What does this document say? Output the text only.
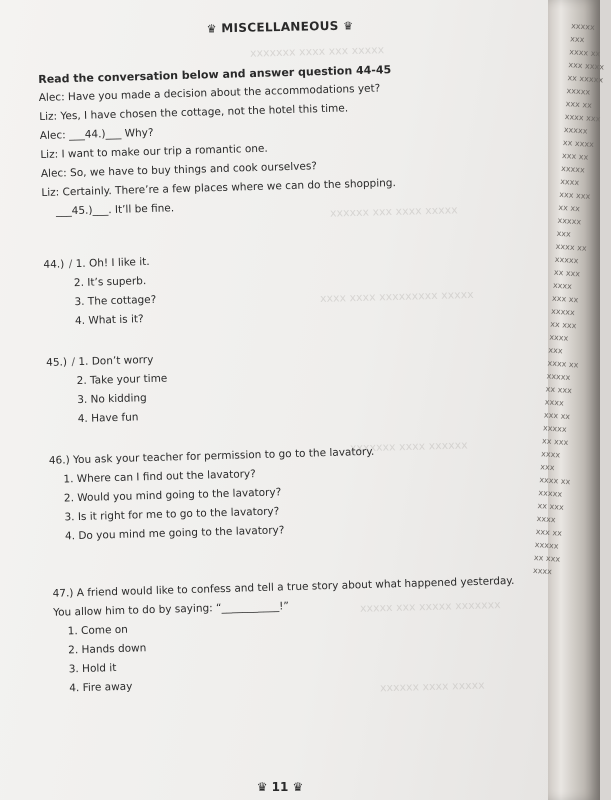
xxxxx xxx xxxx xxxxxxx
xxxxx xxxx xxx xxxxxx
xxxxx xxxxxxxxx xxxx xxxx
xxxxxx xxxx xxxxxxx
xxxxxxx xxxxx xxx xxxxx
xxxxx xxxx xxxxxx
♛ MISCELLANEOUS ♛
Read the conversation below and answer question 44-45
Alec: Have you made a decision about the accommodations yet?
Liz: Yes, I have chosen the cottage, not the hotel this time.
Alec: ___44.)___ Why?
Liz: I want to make our trip a romantic one.
Alec: So, we have to buy things and cook ourselves?
Liz: Certainly. There’re a few places where we can do the shopping.
___45.)___. It’ll be fine.
44.) ∕ 1. Oh! I like it.
2. It’s superb.
3. The cottage?
4. What is it?
45.) ∕ 1. Don’t worry
2. Take your time
3. No kidding
4. Have fun
46.) You ask your teacher for permission to go to the lavatory.
1. Where can I find out the lavatory?
2. Would you mind going to the lavatory?
3. Is it right for me to go to the lavatory?
4. Do you mind me going to the lavatory?
47.) A friend would like to confess and tell a true story about what happened yesterday.
You allow him to do by saying: “___________!”
1. Come on
2. Hands down
3. Hold it
4. Fire away
♛ 11 ♛
xxxxx xxx
xxxx xx
xxx xxxx
xx xxxxx
xxxxx
xxx xx
xxxx xxx
xxxxx
xx xxxx
xxx xx
xxxxx
xxxx
xxx xxx
xx xx
xxxxx
xxx
xxxx xx
xxxxx
xx xxx
xxxx
xxx xx
xxxxx
xx xxx
xxxx
xxx
xxxx xx
xxxxx
xx xxx
xxxx
xxx xx
xxxxx
xx xxx
xxxx
xxx
xxxx xx
xxxxx
xx xxx
xxxx
xxx xx
xxxxx
xx xxx
xxxx
